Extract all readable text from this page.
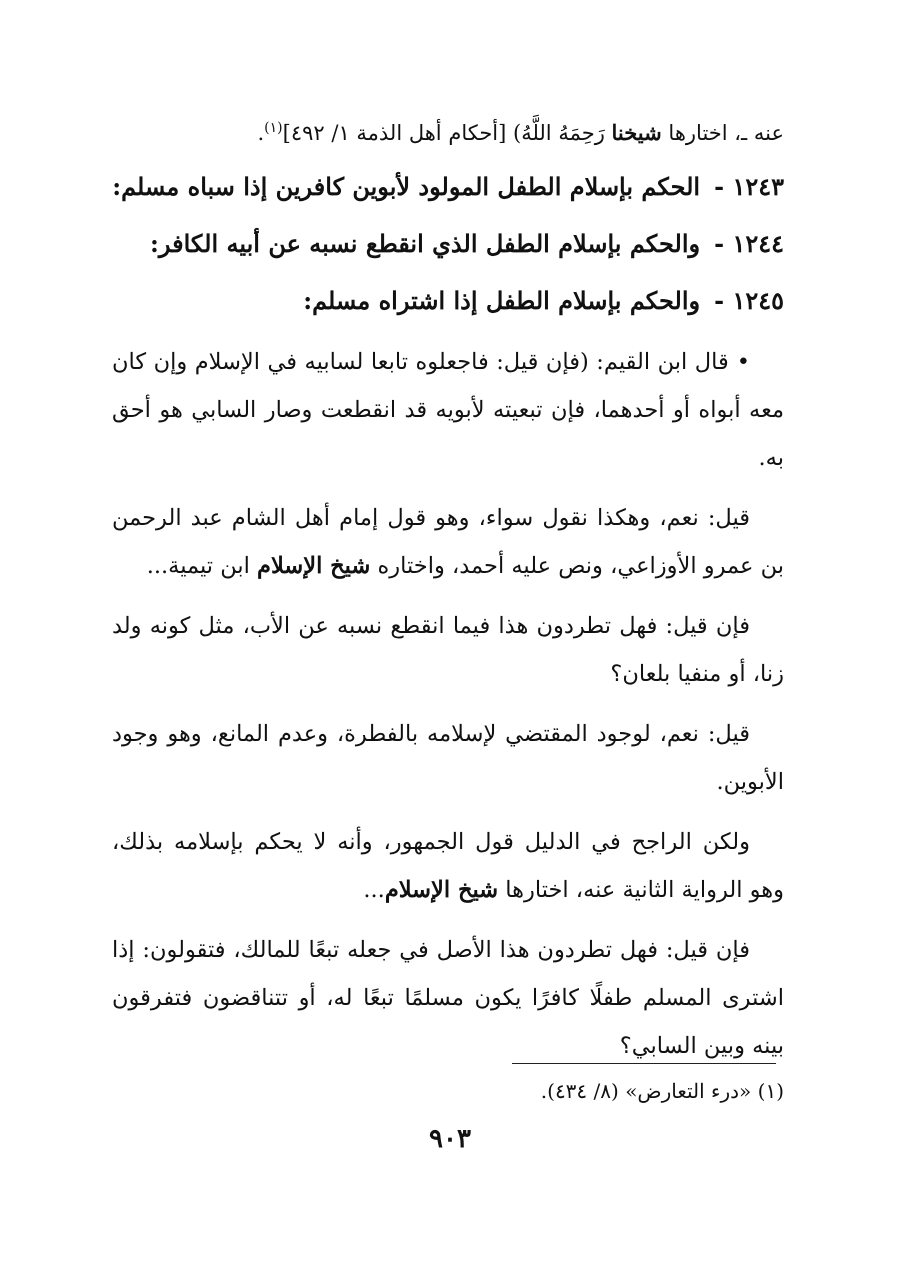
عنه ـ، اختارها شيخنا رَحِمَهُ اللَّهُ) [أحكام أهل الذمة ١/ ٤٩٢]$^{(١)}$.
١٢٤٣ -الحكم بإسلام الطفل المولود لأبوين كافرين إذا سباه مسلم:
١٢٤٤ -والحكم بإسلام الطفل الذي انقطع نسبه عن أبيه الكافر:
١٢٤٥ -والحكم بإسلام الطفل إذا اشتراه مسلم:

•قال ابن القيم: (فإن قيل: فاجعلوه تابعا لسابيه في الإسلام وإن كان معه أبواه أو أحدهما، فإن تبعيته لأبويه قد انقطعت وصار السابي هو أحق به.

قيل: نعم، وهكذا نقول سواء، وهو قول إمام أهل الشام عبد الرحمن بن عمرو الأوزاعي، ونص عليه أحمد، واختاره شيخ الإسلام ابن تيمية...

فإن قيل: فهل تطردون هذا فيما انقطع نسبه عن الأب، مثل كونه ولد زنا، أو منفيا بلعان؟

قيل: نعم، لوجود المقتضي لإسلامه بالفطرة، وعدم المانع، وهو وجود الأبوين.

ولكن الراجح في الدليل قول الجمهور، وأنه لا يحكم بإسلامه بذلك، وهو الرواية الثانية عنه، اختارها شيخ الإسلام...

فإن قيل: فهل تطردون هذا الأصل في جعله تبعًا للمالك، فتقولون: إذا اشترى المسلم طفلًا كافرًا يكون مسلمًا تبعًا له، أو تتناقضون فتفرقون بينه وبين السابي؟

(١) «درء التعارض» (٨/ ٤٣٤).
٩٠٣
